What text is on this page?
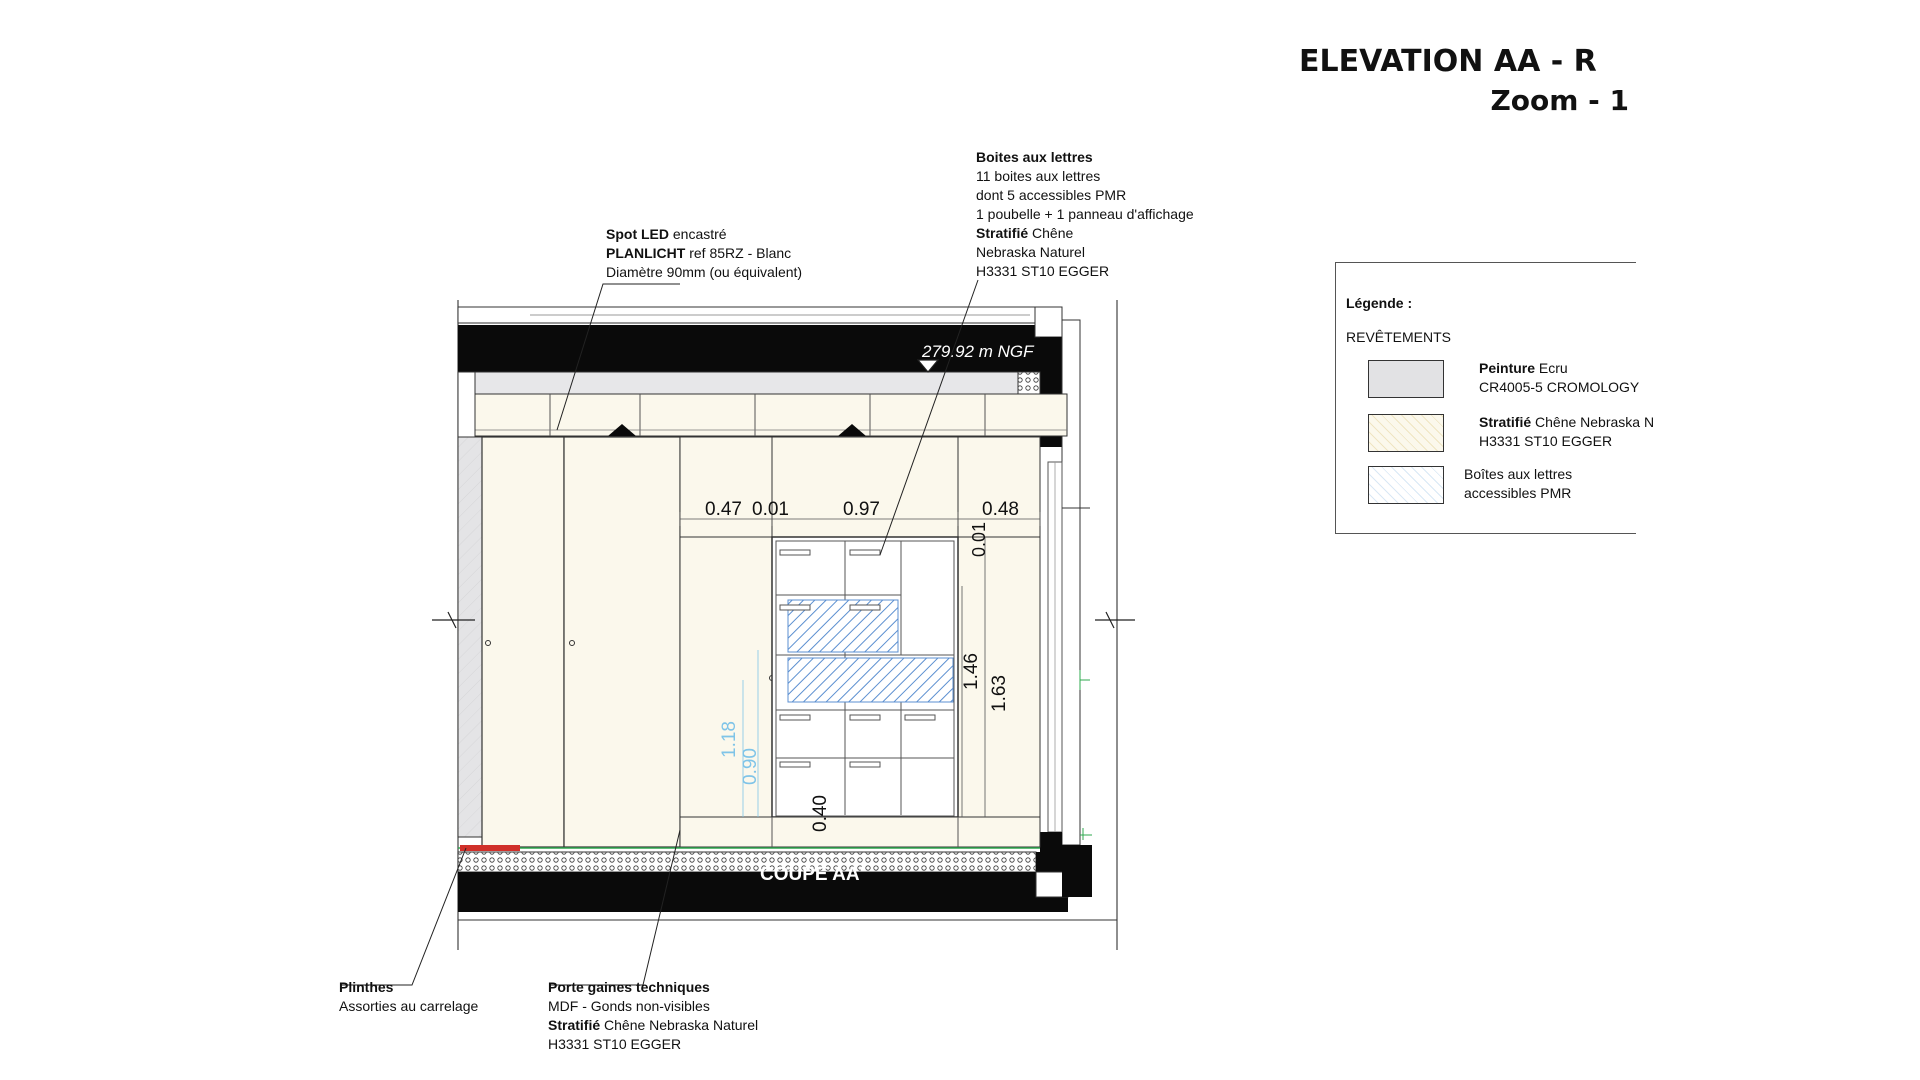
ELEVATION AA - R
Zoom - 1
279.92 m NGF
COUPE AA'
0.47 0.01	0.97	0.48
0.01
1.46
1.63
1.18
0.90
0.40
Spot LED encastré
PLANLICHT ref 85RZ - Blanc
Diamètre 90mm (ou équivalent)
Boites aux lettres
11 boites aux lettres
dont 5 accessibles PMR
1 poubelle + 1 panneau d'affichage
Stratifié Chêne
Nebraska Naturel
H3331 ST10 EGGER
Plinthes
Assorties au carrelage
Porte gaines techniques
MDF - Gonds non-visibles
Stratifié Chêne Nebraska Naturel
H3331 ST10 EGGER
Légende :
REVÊTEMENTS
Peinture Ecru
CR4005-5 CROMOLOGY
Stratifié Chêne Nebraska N
H3331 ST10 EGGER
Boîtes aux lettres
accessibles PMR
